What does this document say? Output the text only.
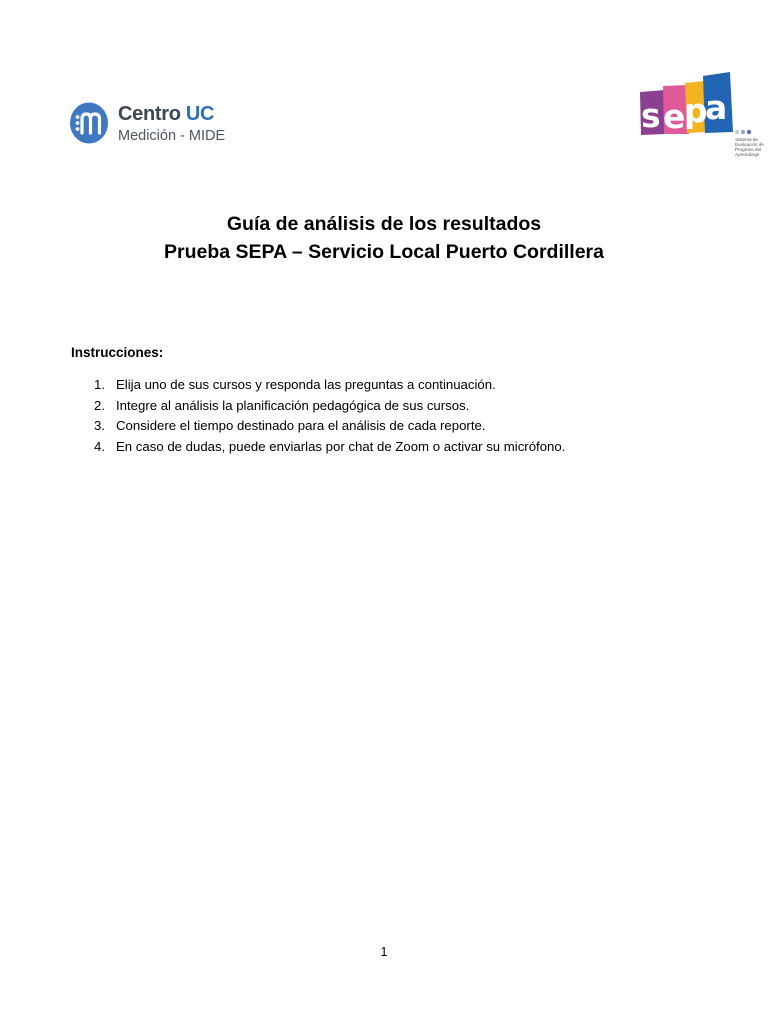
Centro UC
Medición - MIDE
s e
p
a
Sistema de Evaluación de Progreso del Aprendizaje
Guía de análisis de los resultados
Prueba SEPA – Servicio Local Puerto Cordillera
Instrucciones:
1. Elija uno de sus cursos y responda las preguntas a continuación.
2. Integre al análisis la planificación pedagógica de sus cursos.
3. Considere el tiempo destinado para el análisis de cada reporte.
4. En caso de dudas, puede enviarlas por chat de Zoom o activar su micrófono.
1
